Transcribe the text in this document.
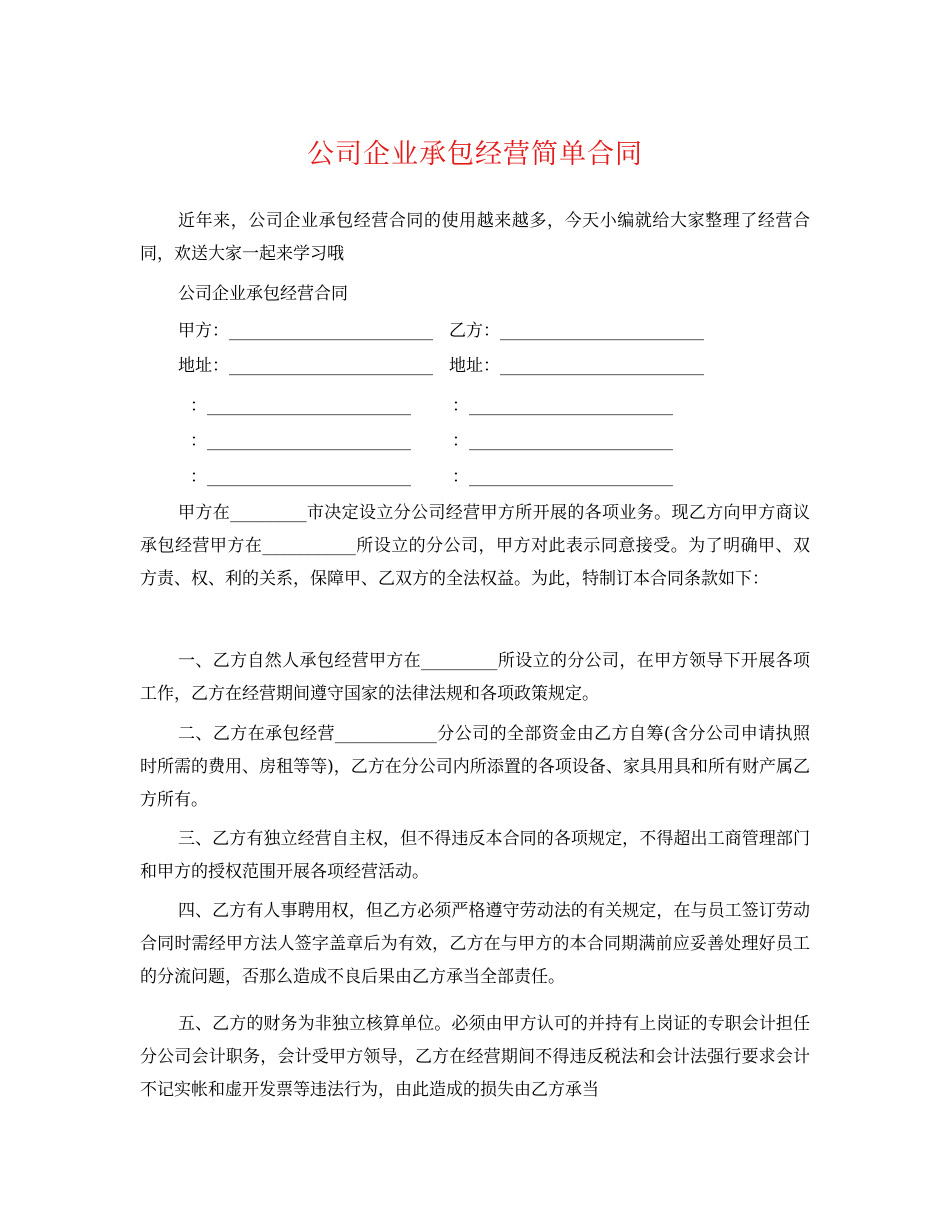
公司企业承包经营简单合同

近年来，公司企业承包经营合同的使用越来越多，今天小编就给大家整理了经营合同，欢送大家一起来学习哦

公司企业承包经营合同
甲方：________________________ 乙方：________________________
地址：________________________ 地址：________________________
：________________________ ：________________________
：________________________ ：________________________
：________________________ ：________________________

甲方在_________市决定设立分公司经营甲方所开展的各项业务。现乙方向甲方商议承包经营甲方在___________所设立的分公司，甲方对此表示同意接受。为了明确甲、双方责、权、利的关系，保障甲、乙双方的全法权益。为此，特制订本合同条款如下：

一、乙方自然人承包经营甲方在_________所设立的分公司，在甲方领导下开展各项工作，乙方在经营期间遵守国家的法律法规和各项政策规定。

二、乙方在承包经营____________分公司的全部资金由乙方自筹(含分公司申请执照时所需的费用、房租等等)，乙方在分公司内所添置的各项设备、家具用具和所有财产属乙方所有。

三、乙方有独立经营自主权，但不得违反本合同的各项规定，不得超出工商管理部门和甲方的授权范围开展各项经营活动。

四、乙方有人事聘用权，但乙方必须严格遵守劳动法的有关规定，在与员工签订劳动合同时需经甲方法人签字盖章后为有效，乙方在与甲方的本合同期满前应妥善处理好员工的分流问题，否那么造成不良后果由乙方承当全部责任。

五、乙方的财务为非独立核算单位。必须由甲方认可的并持有上岗证的专职会计担任分公司会计职务，会计受甲方领导，乙方在经营期间不得违反税法和会计法强行要求会计不记实帐和虚开发票等违法行为，由此造成的损失由乙方承当
